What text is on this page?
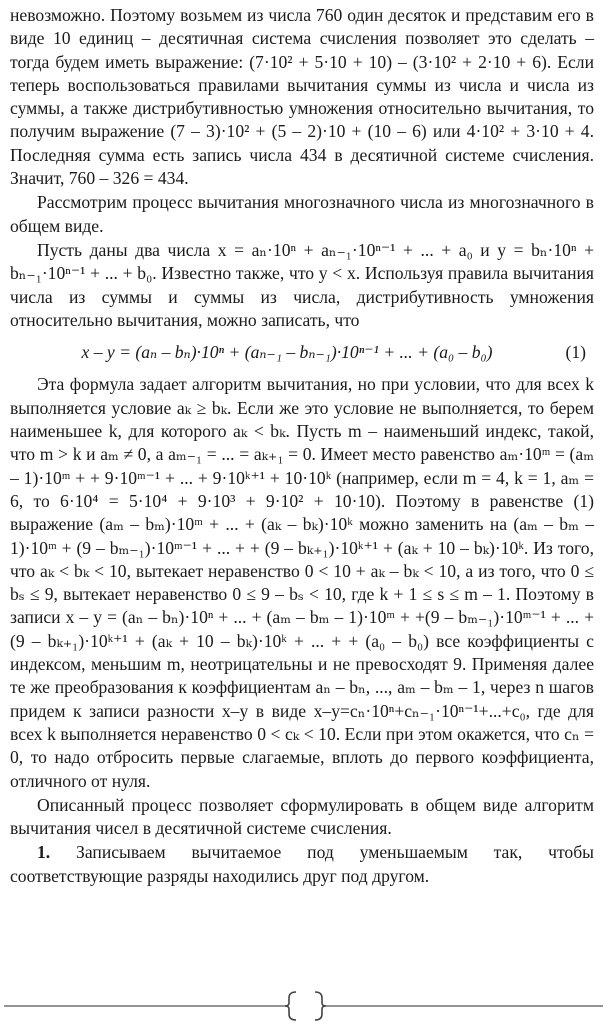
невозможно. Поэтому возьмем из числа 760 один десяток и представим его в виде 10 единиц – десятичная система счисления позволяет это сделать – тогда будем иметь выражение: (7·10² + 5·10 + 10) – (3·10² + 2·10 + 6). Если теперь воспользоваться правилами вычитания суммы из числа и числа из суммы, а также дистрибутивностью умножения относительно вычитания, то получим выражение (7 – 3)·10² + (5 – 2)·10 + (10 – 6) или 4·10² + 3·10 + 4. Последняя сумма есть запись числа 434 в десятичной системе счисления. Значит, 760 – 326 = 434.

Рассмотрим процесс вычитания многозначного числа из многозначного в общем виде.

Пусть даны два числа x = aₙ·10ⁿ + aₙ₋₁·10ⁿ⁻¹ + ... + a₀ и y = bₙ·10ⁿ + bₙ₋₁·10ⁿ⁻¹ + ... + b₀. Известно также, что y < x. Используя правила вычитания числа из суммы и суммы из числа, дистрибутивность умножения относительно вычитания, можно записать, что

x – y = (aₙ – bₙ)·10ⁿ + (aₙ₋₁ – bₙ₋₁)·10ⁿ⁻¹ + ... + (a₀ – b₀)	(1)

Эта формула задает алгоритм вычитания, но при условии, что для всех k выполняется условие aₖ ≥ bₖ. Если же это условие не выполняется, то берем наименьшее k, для которого aₖ < bₖ. Пусть m – наименьший индекс, такой, что m > k и aₘ ≠ 0, а aₘ₋₁ = ... = aₖ₊₁ = 0. Имеет место равенство aₘ·10ᵐ = (aₘ – 1)·10ᵐ + + 9·10ᵐ⁻¹ + ... + 9·10ᵏ⁺¹ + 10·10ᵏ (например, если m = 4, k = 1, aₘ = 6, то 6·10⁴ = 5·10⁴ + 9·10³ + 9·10² + 10·10). Поэтому в равенстве (1) выражение (aₘ – bₘ)·10ᵐ + ... + (aₖ – bₖ)·10ᵏ можно заменить на (aₘ – bₘ – 1)·10ᵐ + (9 – bₘ₋₁)·10ᵐ⁻¹ + ... + + (9 – bₖ₊₁)·10ᵏ⁺¹ + (aₖ + 10 – bₖ)·10ᵏ. Из того, что aₖ < bₖ < 10, вытекает неравенство 0 < 10 + aₖ – bₖ < 10, а из того, что 0 ≤ bₛ ≤ 9, вытекает неравенство 0 ≤ 9 – bₛ < 10, где k + 1 ≤ s ≤ m – 1. Поэтому в записи x – y = (aₙ – bₙ)·10ⁿ + ... + (aₘ – bₘ – 1)·10ᵐ + +(9 – bₘ₋₁)·10ᵐ⁻¹ + ... +(9 – bₖ₊₁)·10ᵏ⁺¹ + (aₖ + 10 – bₖ)·10ᵏ + ... + + (a₀ – b₀) все коэффициенты с индексом, меньшим m, неотрицательны и не превосходят 9. Применяя далее те же преобразования к коэффициентам aₙ – bₙ, ..., aₘ – bₘ – 1, через n шагов придем к записи разности x–y в виде x–y=cₙ·10ⁿ+cₙ₋₁·10ⁿ⁻¹+...+c₀, где для всех k выполняется неравенство 0 < cₖ < 10. Если при этом окажется, что cₙ = 0, то надо отбросить первые слагаемые, вплоть до первого коэффициента, отличного от нуля.

Описанный процесс позволяет сформулировать в общем виде алгоритм вычитания чисел в десятичной системе счисления.

1. Записываем вычитаемое под уменьшаемым так, чтобы соответствующие разряды находились друг под другом.
